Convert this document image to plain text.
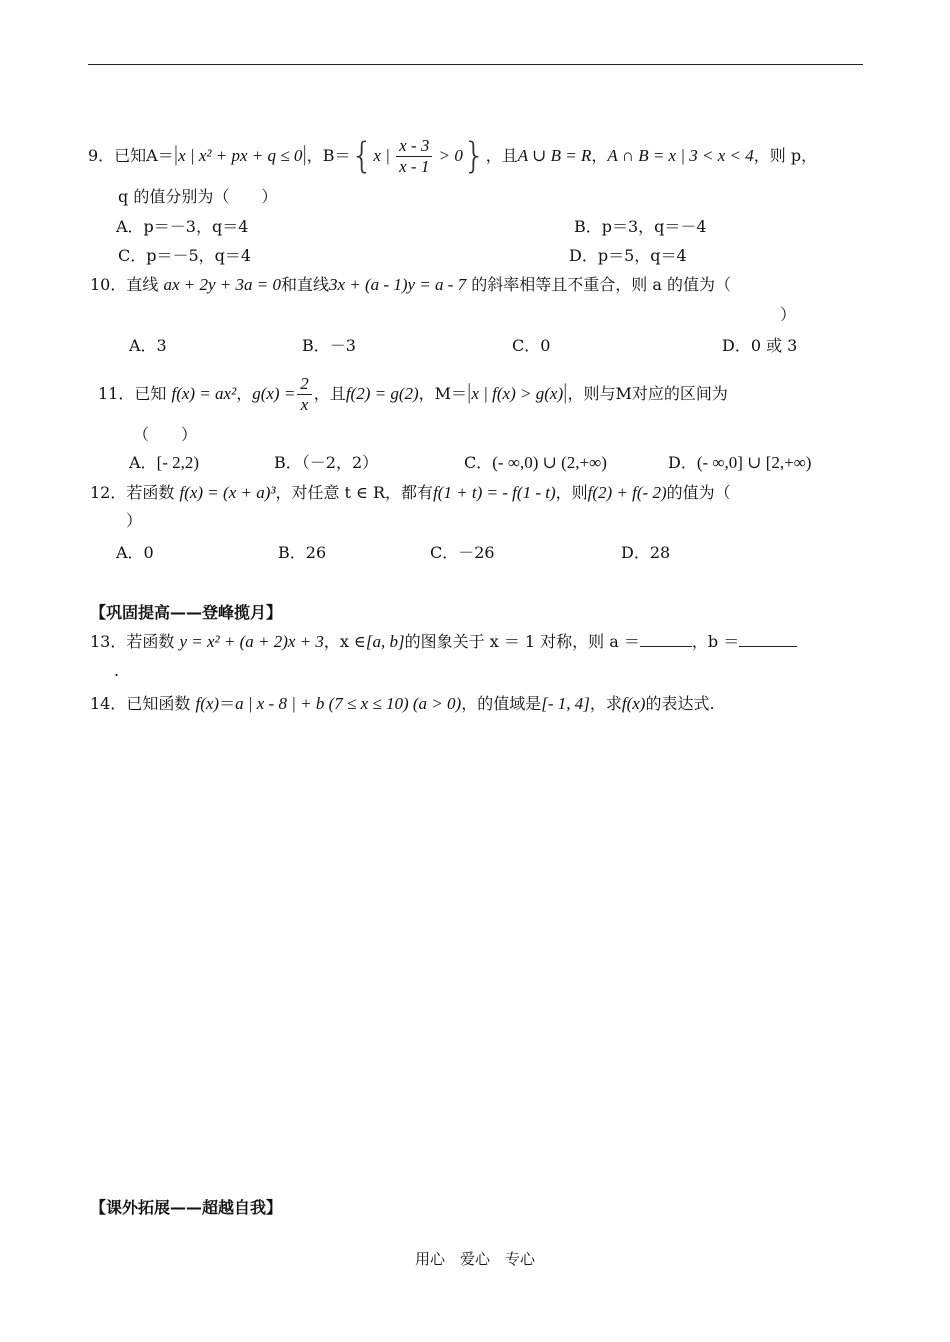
9．已知A＝|x | x² + px + q ≤ 0|，B＝{x | $\frac{x - 3}{x - 1} > 0$}，且A ∪ B = R，A ∩ B = x | 3 < x < 4，则 p，
q 的值分别为（　　）
A．p＝－3，q＝4	B．p＝3，q＝－4
C．p＝－5，q＝4	D．p＝5，q＝4
10．直线 ax + 2y + 3a = 0和直线3x + (a - 1)y = a - 7 的斜率相等且不重合，则 a 的值为（
）
A．3	B．－3	C．0	D．0 或 3
11．已知 f(x) = ax²，$g(x) = \frac{2}{x}$ ，且f(2) = g(2)，M＝|x | f(x) > g(x)|，则与M对应的区间为
（　　）
A．[- 2,2)	B．（－2，2）	C．(- ∞,0) ∪ (2,+∞)	D．(- ∞,0] ∪ [2,+∞)
12．若函数 f(x) = (x + a)³，对任意 t ∈ R，都有f(1 + t) = - f(1 - t)，则f(2) + f(- 2)的值为（
）
A．0	B．26	C．－26	D．28
【巩固提高——登峰揽月】
13．若函数 y = x² + (a + 2)x + 3，x ∈[a, b]的图象关于 x ＝ 1 对称，则 a ＝	，b ＝
.
14．已知函数 f(x)＝a | x - 8 | + b (7 ≤ x ≤ 10) (a > 0)，的值域是[- 1, 4]，求f(x)的表达式.
【课外拓展——超越自我】
用心　爱心　专心
